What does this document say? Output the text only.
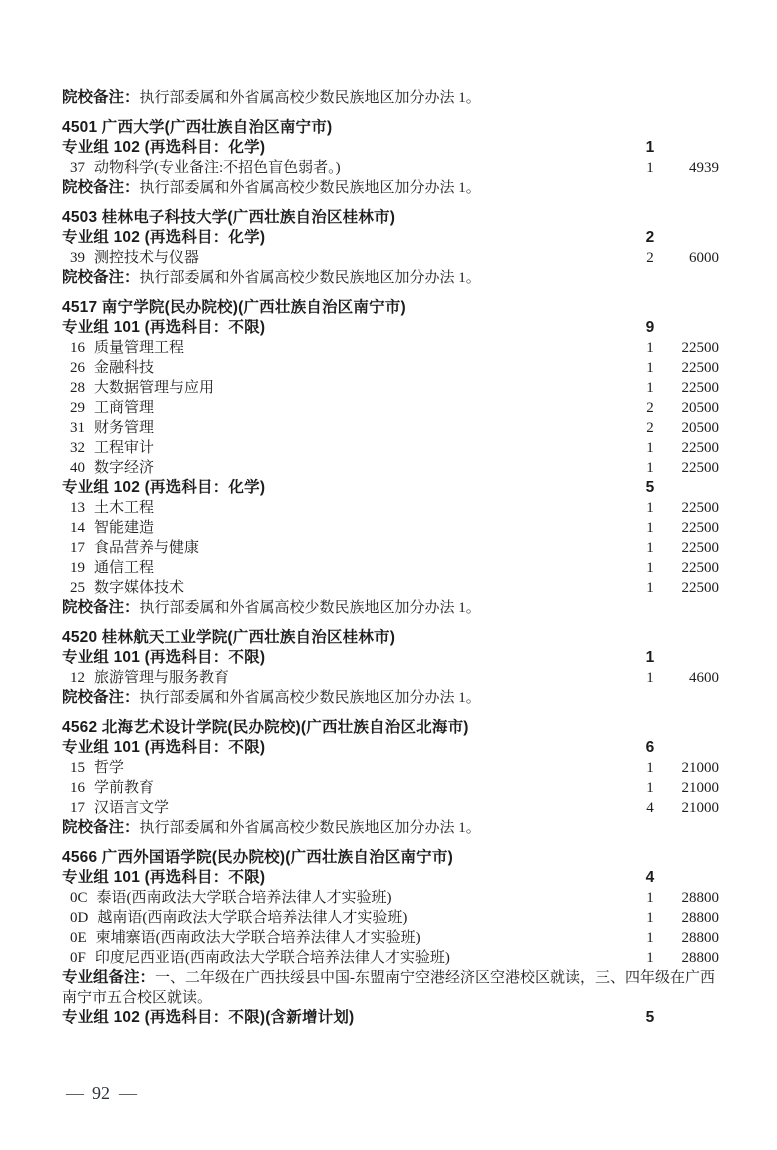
院校备注：执行部委属和外省属高校少数民族地区加分办法 1。
4501 广西大学(广西壮族自治区南宁市)
专业组 102 (再选科目：化学)	1
37 动物科学(专业备注:不招色盲色弱者。)	1	4939
院校备注：执行部委属和外省属高校少数民族地区加分办法 1。
4503 桂林电子科技大学(广西壮族自治区桂林市)
专业组 102 (再选科目：化学)	2
39 测控技术与仪器	2	6000
院校备注：执行部委属和外省属高校少数民族地区加分办法 1。
4517 南宁学院(民办院校)(广西壮族自治区南宁市)
专业组 101 (再选科目：不限)	9
16 质量管理工程	1	22500
26 金融科技	1	22500
28 大数据管理与应用	1	22500
29 工商管理	2	20500
31 财务管理	2	20500
32 工程审计	1	22500
40 数字经济	1	22500
专业组 102 (再选科目：化学)	5
13 土木工程	1	22500
14 智能建造	1	22500
17 食品营养与健康	1	22500
19 通信工程	1	22500
25 数字媒体技术	1	22500
院校备注：执行部委属和外省属高校少数民族地区加分办法 1。
4520 桂林航天工业学院(广西壮族自治区桂林市)
专业组 101 (再选科目：不限)	1
12 旅游管理与服务教育	1	4600
院校备注：执行部委属和外省属高校少数民族地区加分办法 1。
4562 北海艺术设计学院(民办院校)(广西壮族自治区北海市)
专业组 101 (再选科目：不限)	6
15 哲学	1	21000
16 学前教育	1	21000
17 汉语言文学	4	21000
院校备注：执行部委属和外省属高校少数民族地区加分办法 1。
4566 广西外国语学院(民办院校)(广西壮族自治区南宁市)
专业组 101 (再选科目：不限)	4
0C 泰语(西南政法大学联合培养法律人才实验班)	1	28800
0D 越南语(西南政法大学联合培养法律人才实验班)	1	28800
0E 柬埔寨语(西南政法大学联合培养法律人才实验班)	1	28800
0F 印度尼西亚语(西南政法大学联合培养法律人才实验班)	1	28800
专业组备注：一、二年级在广西扶绥县中国-东盟南宁空港经济区空港校区就读，三、四年级在广西南宁市五合校区就读。
专业组 102 (再选科目：不限)(含新增计划)	5
— 92 —
